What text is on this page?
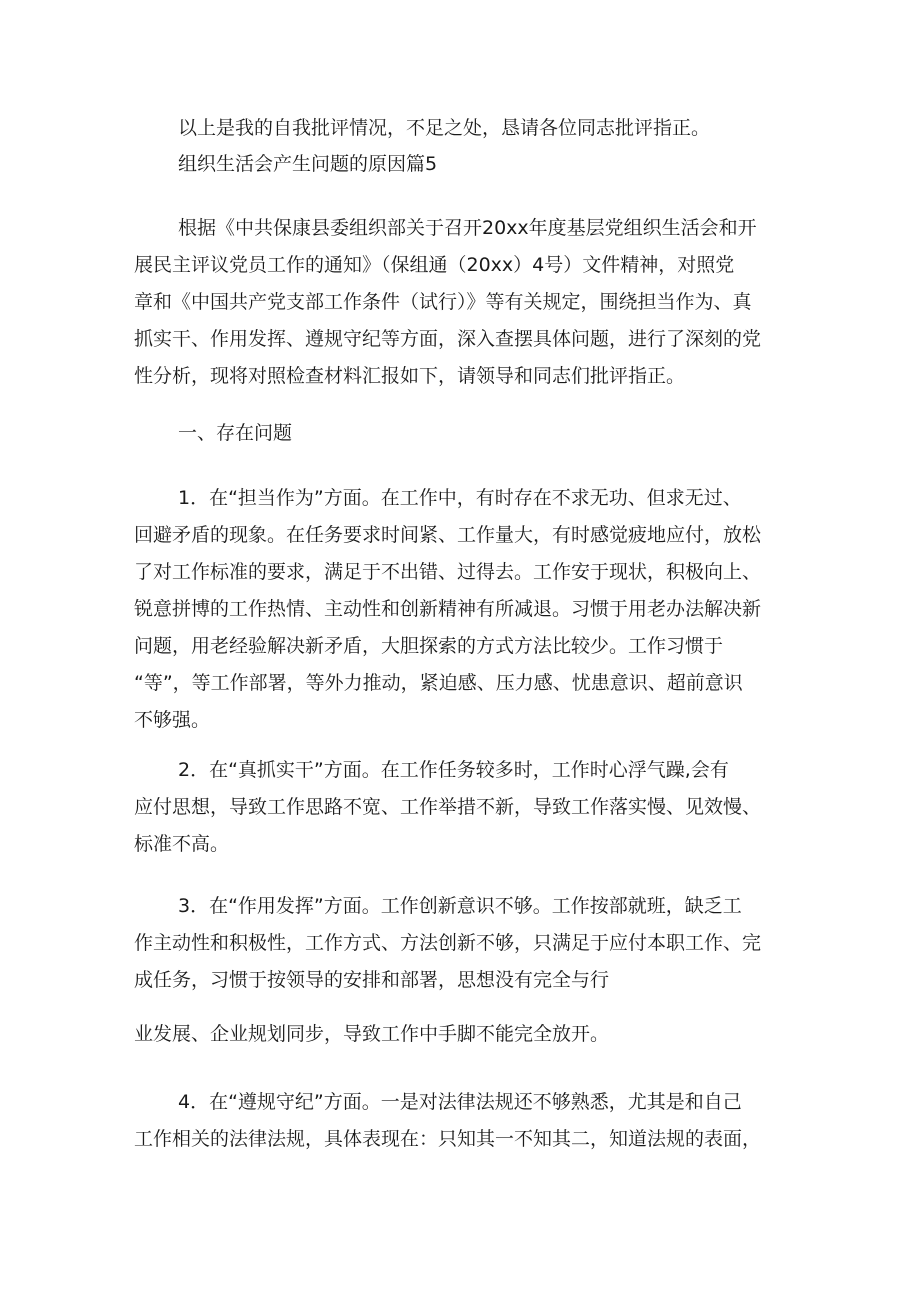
以上是我的自我批评情况，不足之处，恳请各位同志批评指正。
组织生活会产生问题的原因篇5
根据《中共保康县委组织部关于召开20xx年度基层党组织生活会和开
展民主评议党员工作的通知》（保组通（20xx）4号）文件精神，对照党
章和《中国共产党支部工作条件（试行）》等有关规定，围绕担当作为、真
抓实干、作用发挥、遵规守纪等方面，深入查摆具体问题，进行了深刻的党
性分析，现将对照检查材料汇报如下，请领导和同志们批评指正。
一、存在问题
1．在“担当作为”方面。在工作中，有时存在不求无功、但求无过、
回避矛盾的现象。在任务要求时间紧、工作量大，有时感觉疲地应付，放松
了对工作标准的要求，满足于不出错、过得去。工作安于现状，积极向上、
锐意拼博的工作热情、主动性和创新精神有所减退。习惯于用老办法解决新
问题，用老经验解决新矛盾，大胆探索的方式方法比较少。工作习惯于
“等”，等工作部署，等外力推动，紧迫感、压力感、忧患意识、超前意识
不够强。
2．在“真抓实干”方面。在工作任务较多时，工作时心浮气躁,会有
应付思想，导致工作思路不宽、工作举措不新，导致工作落实慢、见效慢、
标准不高。
3．在“作用发挥”方面。工作创新意识不够。工作按部就班，缺乏工
作主动性和积极性，工作方式、方法创新不够，只满足于应付本职工作、完
成任务，习惯于按领导的安排和部署，思想没有完全与行
业发展、企业规划同步，导致工作中手脚不能完全放开。
4．在“遵规守纪”方面。一是对法律法规还不够熟悉，尤其是和自己
工作相关的法律法规，具体表现在：只知其一不知其二，知道法规的表面，
